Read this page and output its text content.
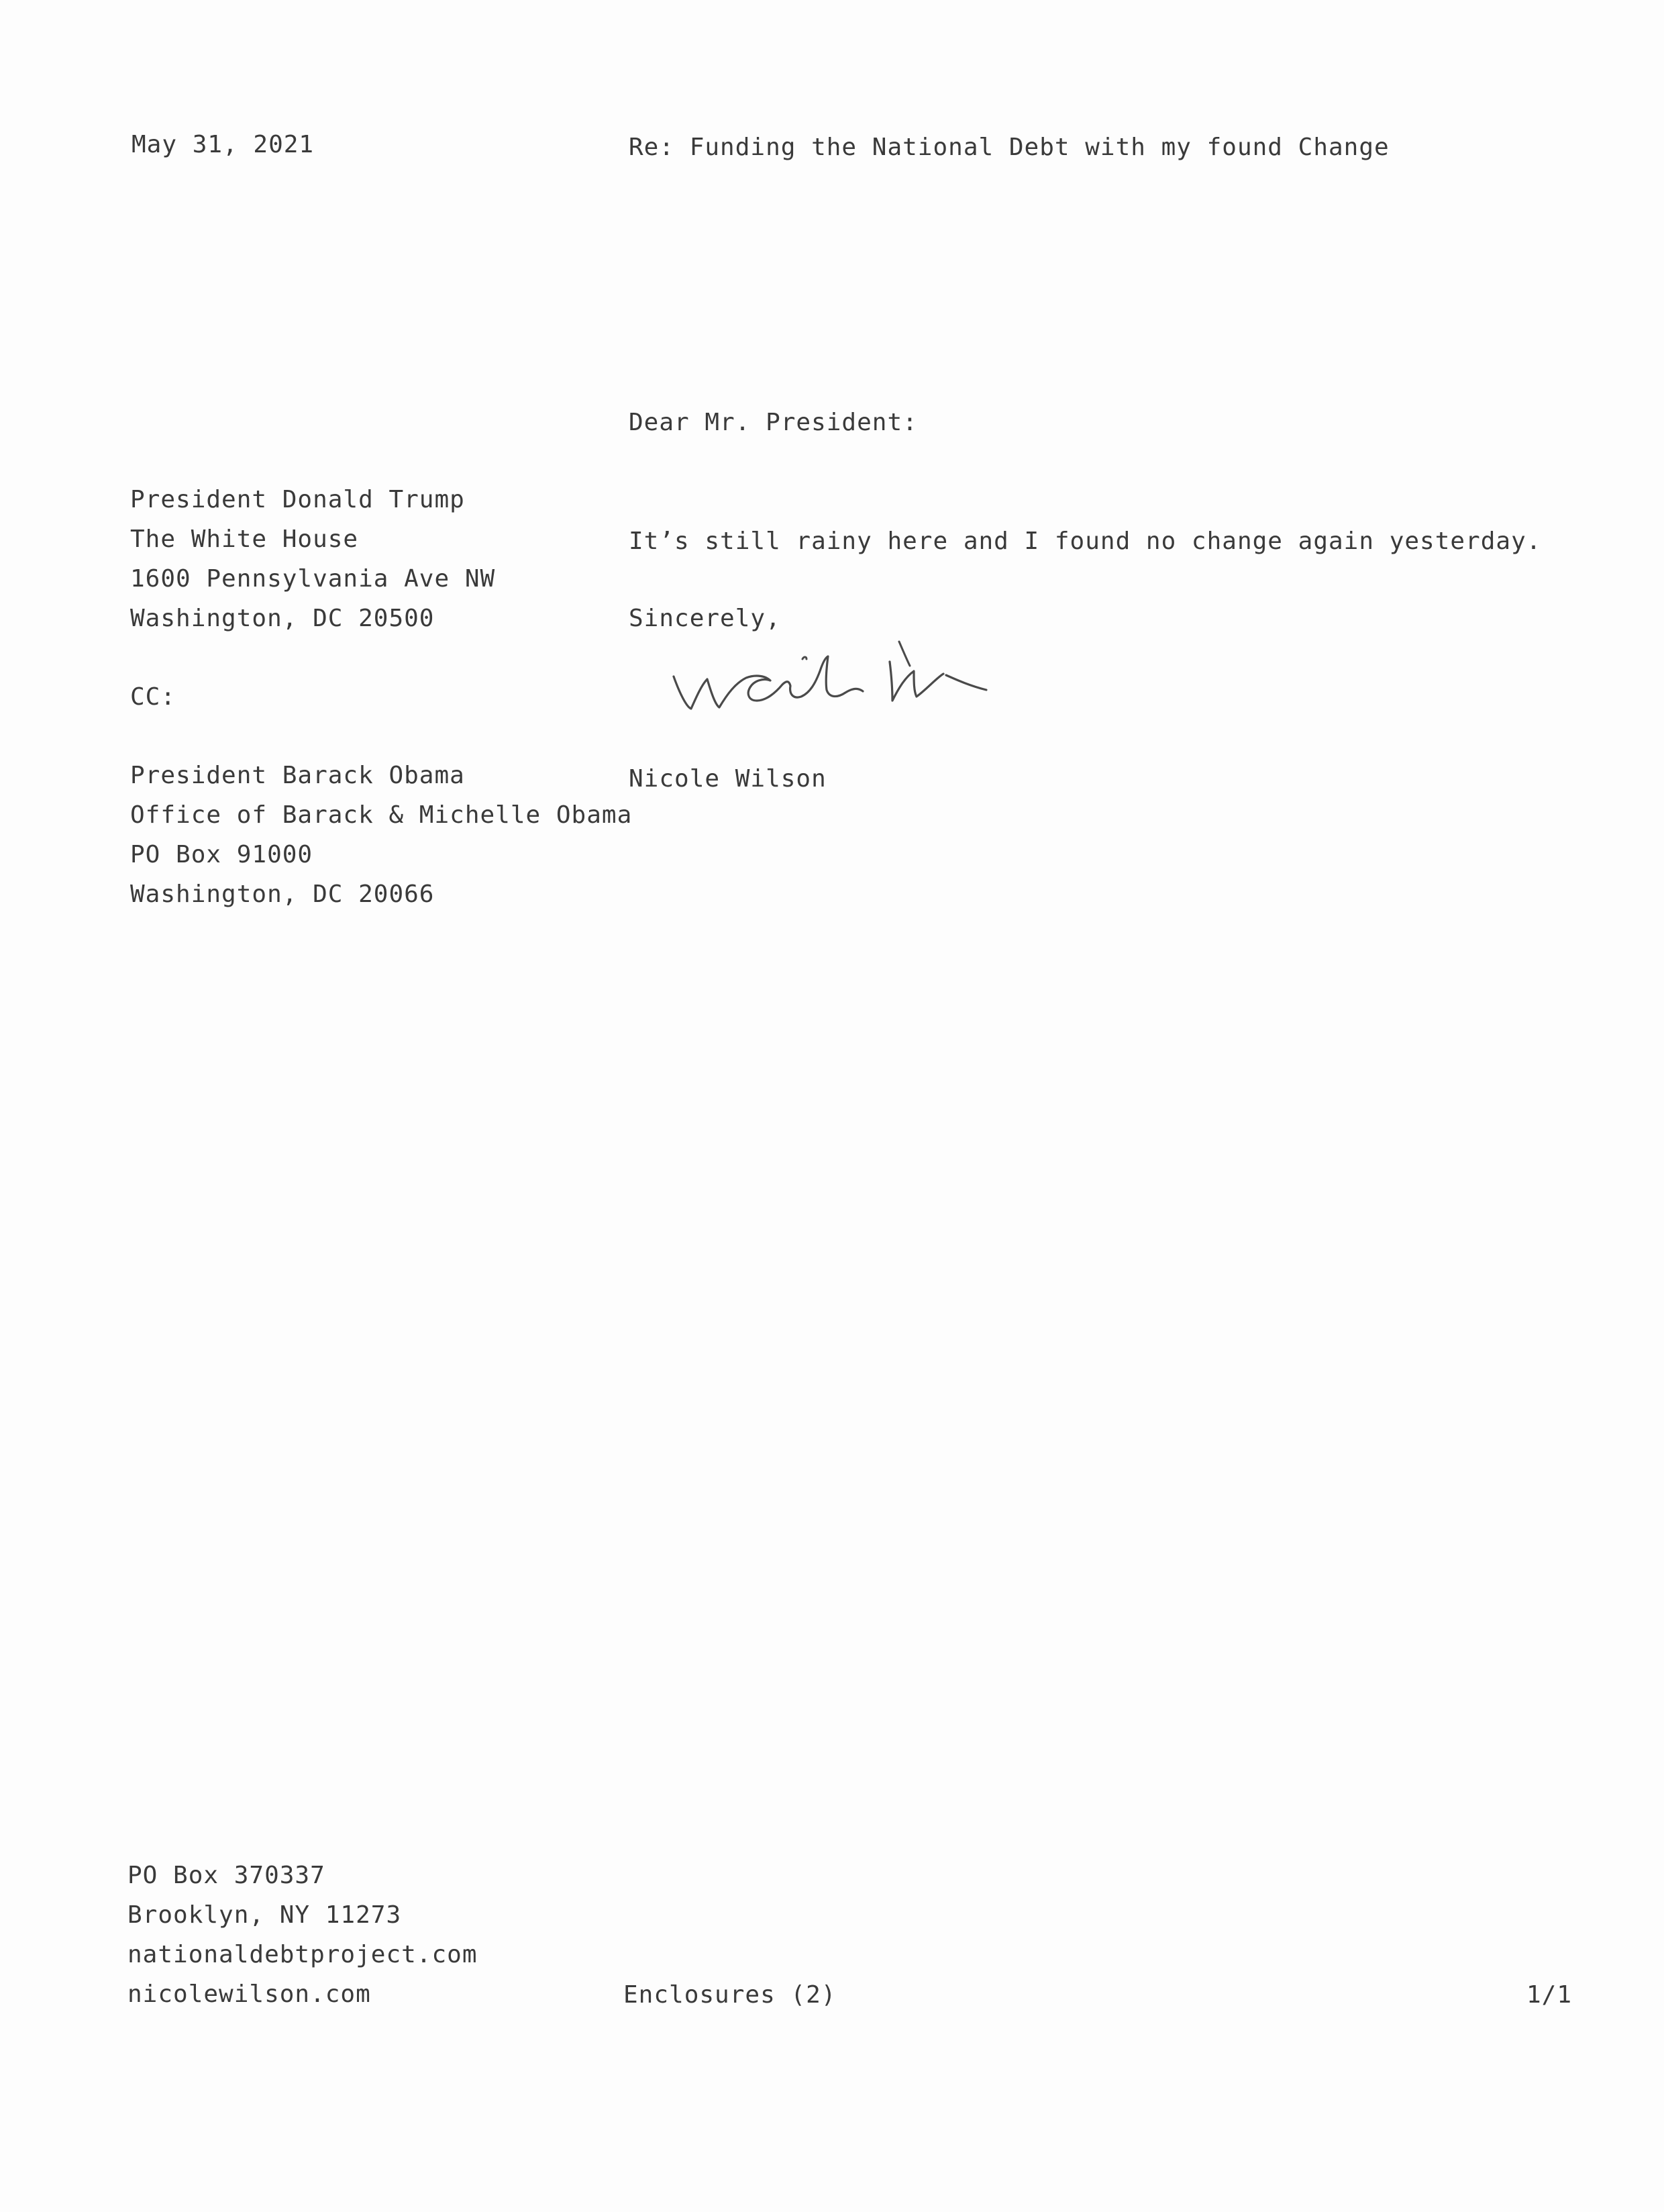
May 31, 2021	Re: Funding the National Debt with my found Change
Dear Mr. President:
President Donald Trump
The White House
1600 Pennsylvania Ave NW
Washington, DC 20500
It’s still rainy here and I found no change again yesterday.
Sincerely,
CC:
Nicole Wilson
President Barack Obama
Office of Barack & Michelle Obama
PO Box 91000
Washington, DC 20066
PO Box 370337
Brooklyn, NY 11273
nationaldebtproject.com
nicolewilson.com	Enclosures (2)	1/1
